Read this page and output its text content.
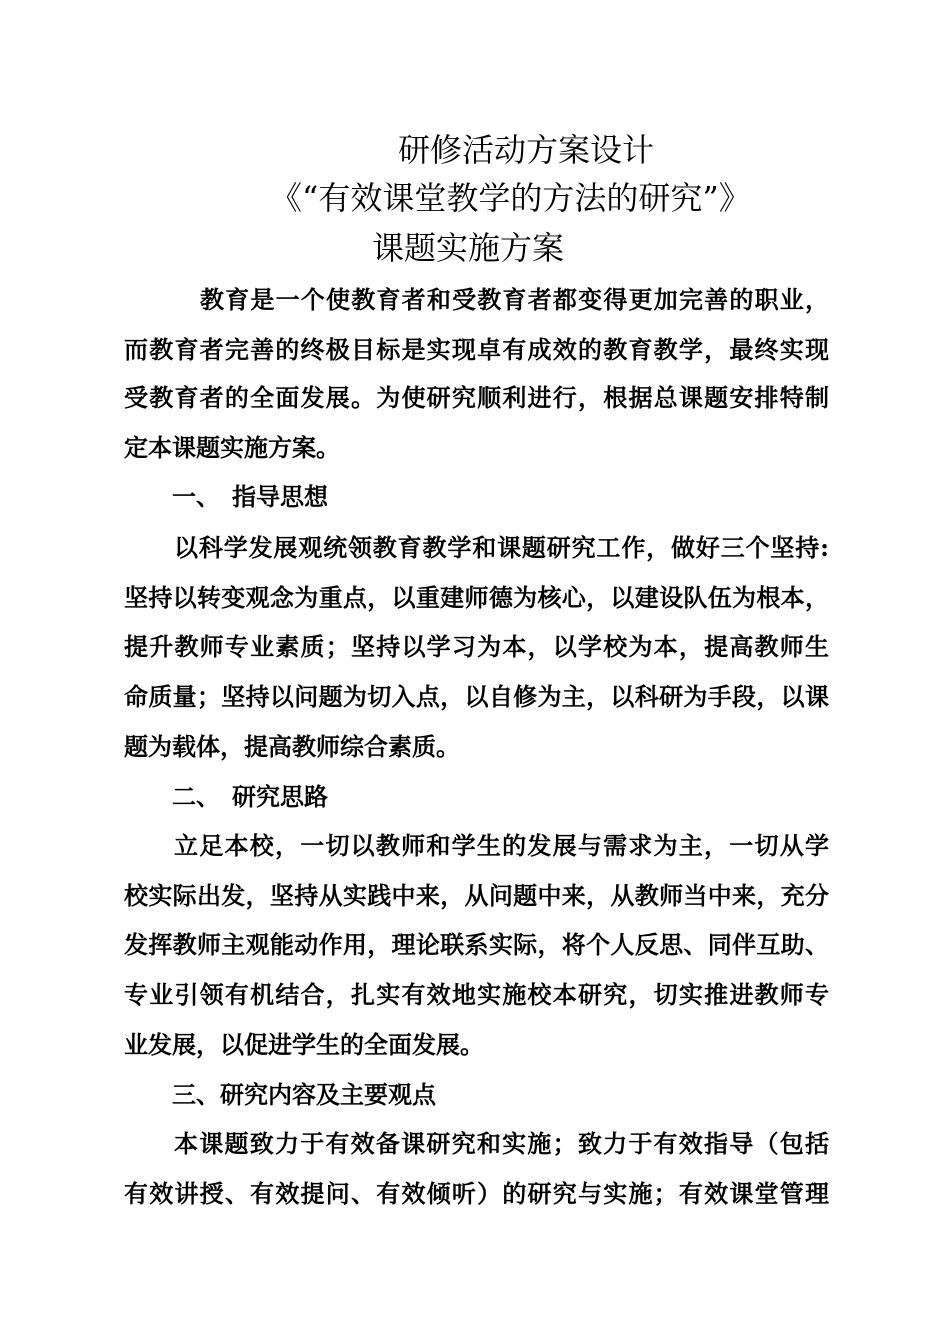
研修活动方案设计
《“有效课堂教学的方法的研究”》
课题实施方案
教育是一个使教育者和受教育者都变得更加完善的职业，
而教育者完善的终极目标是实现卓有成效的教育教学，最终实现
受教育者的全面发展。为使研究顺利进行，根据总课题安排特制
定本课题实施方案。
一、　指导思想
以科学发展观统领教育教学和课题研究工作，做好三个坚持:
坚持以转变观念为重点，以重建师德为核心，以建设队伍为根本，
提升教师专业素质；坚持以学习为本，以学校为本，提高教师生
命质量；坚持以问题为切入点，以自修为主，以科研为手段，以课
题为载体，提高教师综合素质。
二、　研究思路
立足本校，一切以教师和学生的发展与需求为主，一切从学
校实际出发，坚持从实践中来，从问题中来，从教师当中来，充分
发挥教师主观能动作用，理论联系实际，将个人反思、同伴互助、
专业引领有机结合，扎实有效地实施校本研究，切实推进教师专
业发展，以促进学生的全面发展。
三、研究内容及主要观点
本课题致力于有效备课研究和实施；致力于有效指导（包括
有效讲授、有效提问、有效倾听）的研究与实施；有效课堂管理
